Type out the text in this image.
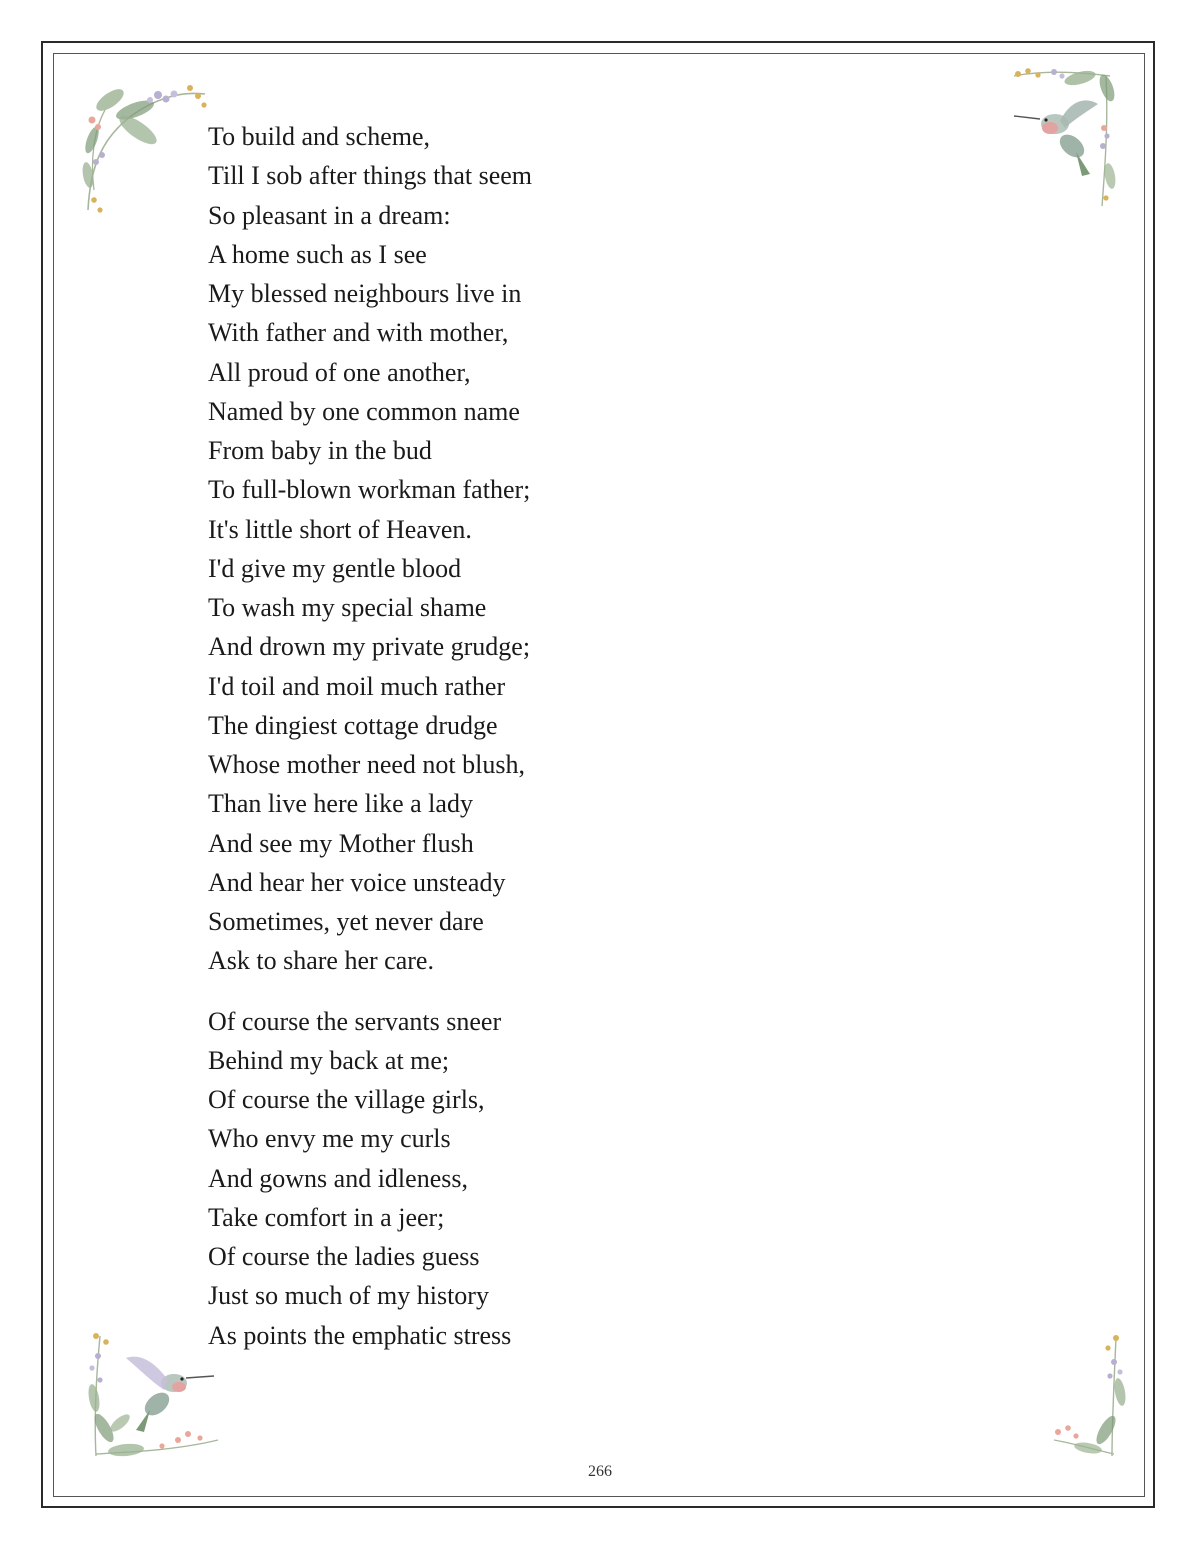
To build and scheme,
Till I sob after things that seem
So pleasant in a dream:
A home such as I see
My blessed neighbours live in
With father and with mother,
All proud of one another,
Named by one common name
From baby in the bud
To full-blown workman father;
It's little short of Heaven.
I'd give my gentle blood
To wash my special shame
And drown my private grudge;
I'd toil and moil much rather
The dingiest cottage drudge
Whose mother need not blush,
Than live here like a lady
And see my Mother flush
And hear her voice unsteady
Sometimes, yet never dare
Ask to share her care.
Of course the servants sneer
Behind my back at me;
Of course the village girls,
Who envy me my curls
And gowns and idleness,
Take comfort in a jeer;
Of course the ladies guess
Just so much of my history
As points the emphatic stress
266
